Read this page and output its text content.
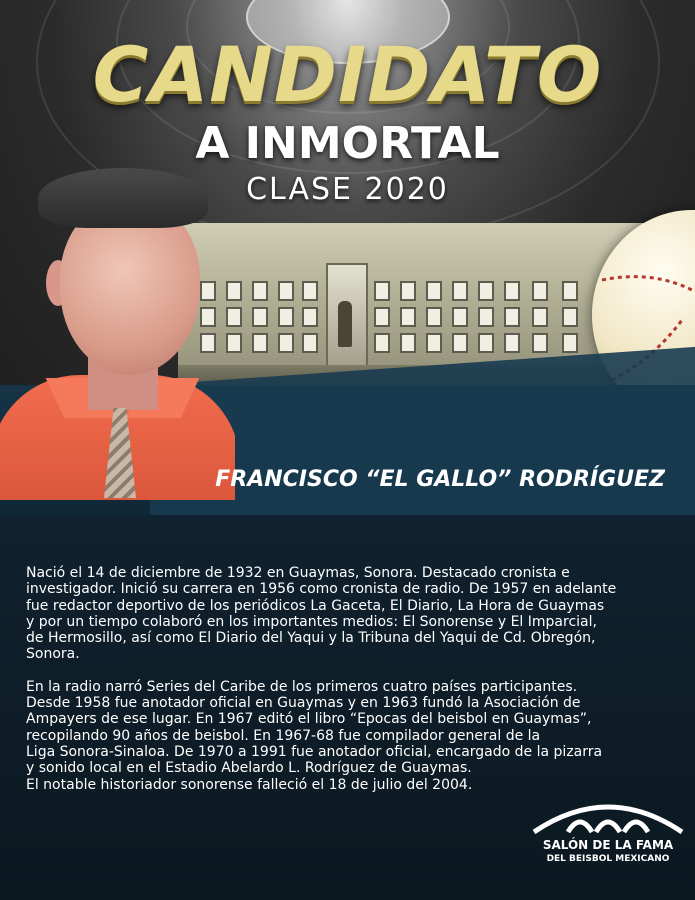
CANDIDATO
A INMORTAL
CLASE 2020
FRANCISCO “EL GALLO” RODRÍGUEZ

Nació el 14 de diciembre de 1932 en Guaymas, Sonora. Destacado cronista e
investigador. Inició su carrera en 1956 como cronista de radio. De 1957 en adelante
fue redactor deportivo de los periódicos La Gaceta, El Diario, La Hora de Guaymas
y por un tiempo colaboró en los importantes medios: El Sonorense y El Imparcial,
de Hermosillo, así como El Diario del Yaqui y la Tribuna del Yaqui de Cd. Obregón,
Sonora.

En la radio narró Series del Caribe de los primeros cuatro países participantes.
Desde 1958 fue anotador oficial en Guaymas y en 1963 fundó la Asociación de
Ampayers de ese lugar. En 1967 editó el libro “Epocas del beisbol en Guaymas”,
recopilando 90 años de beisbol. En 1967-68 fue compilador general de la
Liga Sonora-Sinaloa. De 1970 a 1991 fue anotador oficial, encargado de la pizarra
y sonido local en el Estadio Abelardo L. Rodríguez de Guaymas.
El notable historiador sonorense falleció el 18 de julio del 2004.

SALÓN DE LA FAMA
DEL BEISBOL MEXICANO
